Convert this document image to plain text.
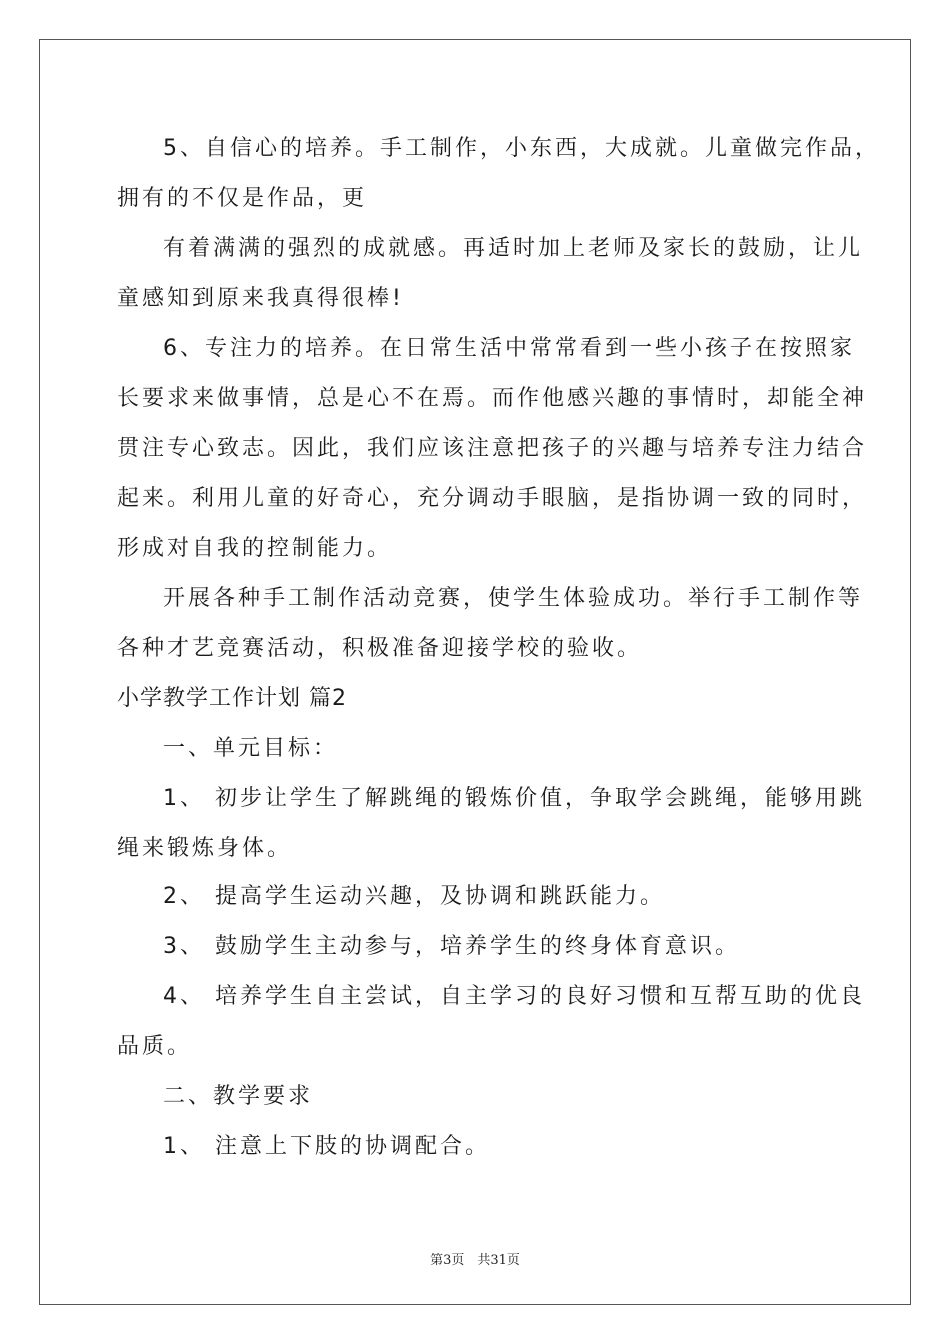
5、自信心的培养。手工制作，小东西，大成就。儿童做完作品，
拥有的不仅是作品，更
有着满满的强烈的成就感。再适时加上老师及家长的鼓励，让儿
童感知到原来我真得很棒!
6、专注力的培养。在日常生活中常常看到一些小孩子在按照家
长要求来做事情，总是心不在焉。而作他感兴趣的事情时，却能全神
贯注专心致志。因此，我们应该注意把孩子的兴趣与培养专注力结合
起来。利用儿童的好奇心，充分调动手眼脑，是指协调一致的同时，
形成对自我的控制能力。
开展各种手工制作活动竞赛，使学生体验成功。举行手工制作等
各种才艺竞赛活动，积极准备迎接学校的验收。
小学教学工作计划 篇2
一、单元目标：
1、 初步让学生了解跳绳的锻炼价值，争取学会跳绳，能够用跳
绳来锻炼身体。
2、 提高学生运动兴趣，及协调和跳跃能力。
3、 鼓励学生主动参与，培养学生的终身体育意识。
4、 培养学生自主尝试，自主学习的良好习惯和互帮互助的优良
品质。
二、教学要求
1、 注意上下肢的协调配合。
第3页　共31页
